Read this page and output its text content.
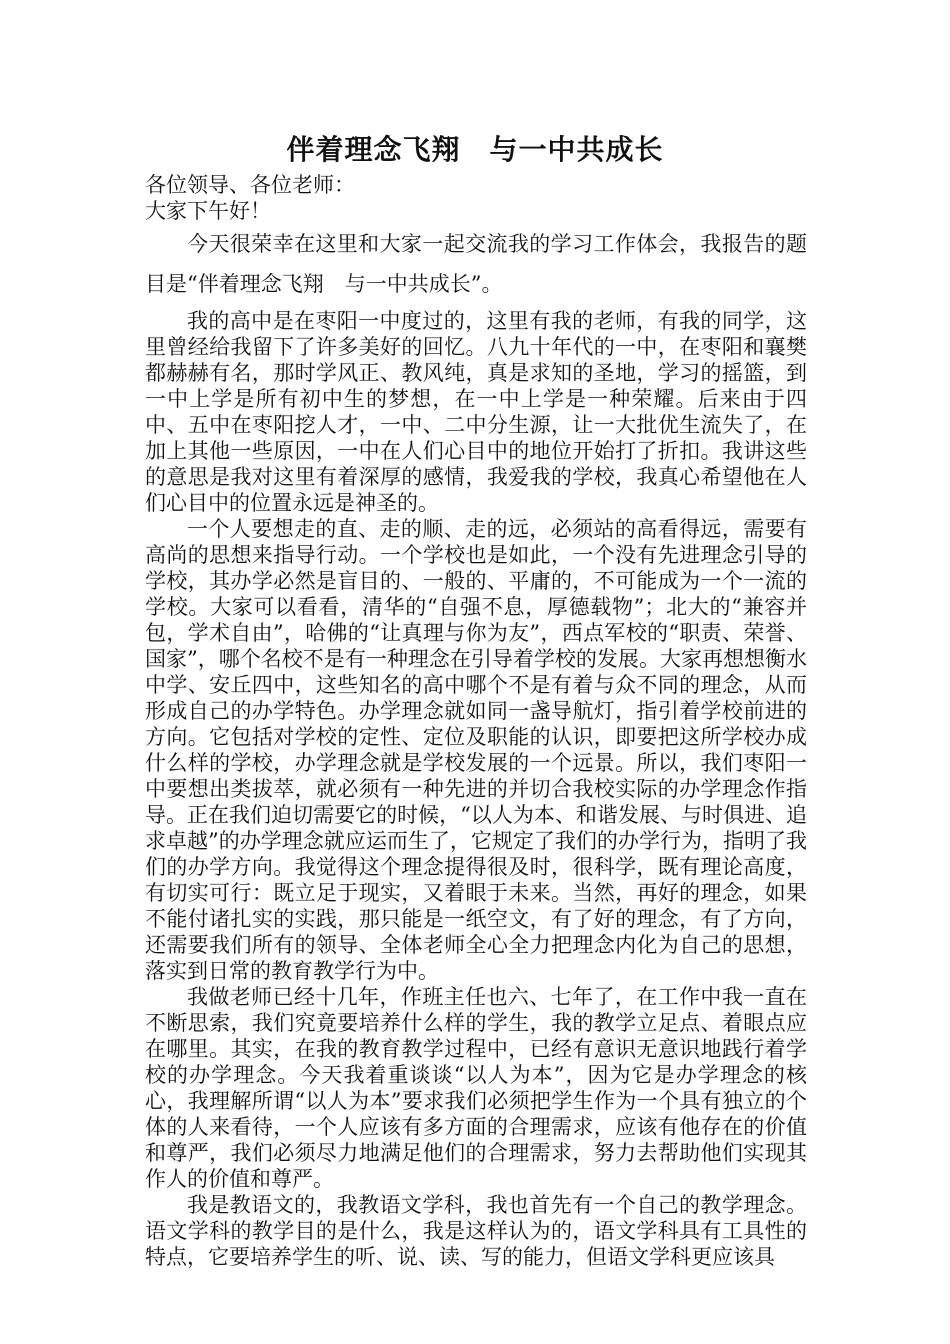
伴着理念飞翔　与一中共成长

各位领导、各位老师：

大家下午好！

今天很荣幸在这里和大家一起交流我的学习工作体会，我报告的题目是“伴着理念飞翔　与一中共成长”。

我的高中是在枣阳一中度过的，这里有我的老师，有我的同学，这里曾经给我留下了许多美好的回忆。八九十年代的一中，在枣阳和襄樊都赫赫有名，那时学风正、教风纯，真是求知的圣地，学习的摇篮，到一中上学是所有初中生的梦想，在一中上学是一种荣耀。后来由于四中、五中在枣阳挖人才，一中、二中分生源，让一大批优生流失了，在加上其他一些原因，一中在人们心目中的地位开始打了折扣。我讲这些的意思是我对这里有着深厚的感情，我爱我的学校，我真心希望他在人们心目中的位置永远是神圣的。

一个人要想走的直、走的顺、走的远，必须站的高看得远，需要有高尚的思想来指导行动。一个学校也是如此，一个没有先进理念引导的学校，其办学必然是盲目的、一般的、平庸的，不可能成为一个一流的学校。大家可以看看，清华的“自强不息，厚德载物”；北大的“兼容并包，学术自由”，哈佛的“让真理与你为友”，西点军校的“职责、荣誉、国家”，哪个名校不是有一种理念在引导着学校的发展。大家再想想衡水中学、安丘四中，这些知名的高中哪个不是有着与众不同的理念，从而形成自己的办学特色。办学理念就如同一盏导航灯，指引着学校前进的方向。它包括对学校的定性、定位及职能的认识，即要把这所学校办成什么样的学校，办学理念就是学校发展的一个远景。所以，我们枣阳一中要想出类拔萃，就必须有一种先进的并切合我校实际的办学理念作指导。正在我们迫切需要它的时候，“以人为本、和谐发展、与时俱进、追求卓越”的办学理念就应运而生了，它规定了我们的办学行为，指明了我们的办学方向。我觉得这个理念提得很及时，很科学，既有理论高度，有切实可行：既立足于现实，又着眼于未来。当然，再好的理念，如果不能付诸扎实的实践，那只能是一纸空文，有了好的理念，有了方向，还需要我们所有的领导、全体老师全心全力把理念内化为自己的思想，落实到日常的教育教学行为中。

我做老师已经十几年，作班主任也六、七年了，在工作中我一直在不断思索，我们究竟要培养什么样的学生，我的教学立足点、着眼点应在哪里。其实，在我的教育教学过程中，已经有意识无意识地践行着学校的办学理念。今天我着重谈谈“以人为本”，因为它是办学理念的核心，我理解所谓“以人为本”要求我们必须把学生作为一个具有独立的个体的人来看待，一个人应该有多方面的合理需求，应该有他存在的价值和尊严，我们必须尽力地满足他们的合理需求，努力去帮助他们实现其作人的价值和尊严。

我是教语文的，我教语文学科，我也首先有一个自己的教学理念。语文学科的教学目的是什么，我是这样认为的，语文学科具有工具性的特点，它要培养学生的听、说、读、写的能力，但语文学科更应该具
